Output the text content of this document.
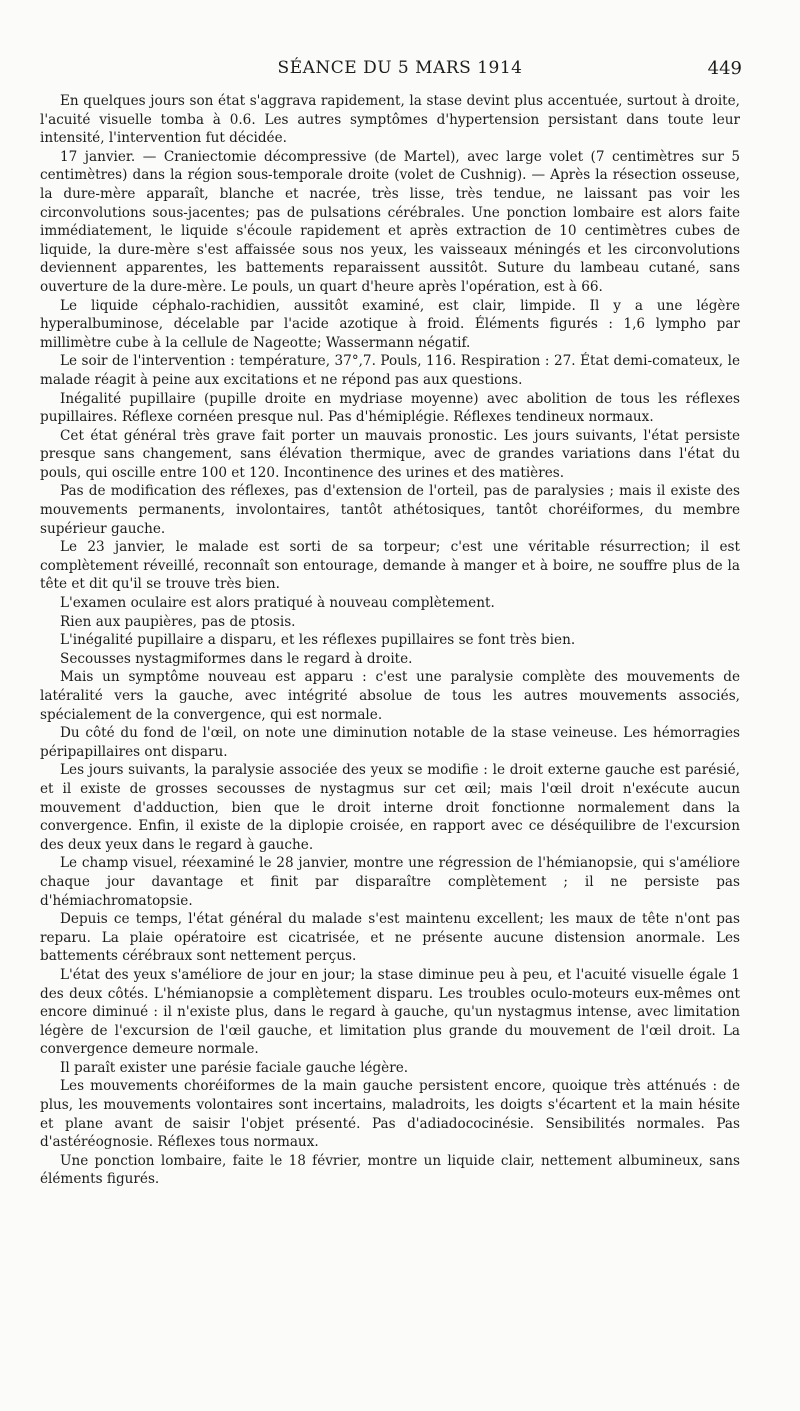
SÉANCE DU 5 MARS 1914	449

En quelques jours son état s'aggrava rapidement, la stase devint plus accentuée, surtout à droite, l'acuité visuelle tomba à 0.6. Les autres symptômes d'hypertension persistant dans toute leur intensité, l'intervention fut décidée.

17 janvier. — Craniectomie décompressive (de Martel), avec large volet (7 centimètres sur 5 centimètres) dans la région sous-temporale droite (volet de Cushnig). — Après la résection osseuse, la dure-mère apparaît, blanche et nacrée, très lisse, très tendue, ne laissant pas voir les circonvolutions sous-jacentes; pas de pulsations cérébrales. Une ponction lombaire est alors faite immédiatement, le liquide s'écoule rapidement et après extraction de 10 centimètres cubes de liquide, la dure-mère s'est affaissée sous nos yeux, les vaisseaux méningés et les circonvolutions deviennent apparentes, les battements reparaissent aussitôt. Suture du lambeau cutané, sans ouverture de la dure-mère. Le pouls, un quart d'heure après l'opération, est à 66.

Le liquide céphalo-rachidien, aussitôt examiné, est clair, limpide. Il y a une légère hyperalbuminose, décelable par l'acide azotique à froid. Éléments figurés : 1,6 lympho par millimètre cube à la cellule de Nageotte; Wassermann négatif.

Le soir de l'intervention : température, 37°,7. Pouls, 116. Respiration : 27. État demi-comateux, le malade réagit à peine aux excitations et ne répond pas aux questions.

Inégalité pupillaire (pupille droite en mydriase moyenne) avec abolition de tous les réflexes pupillaires. Réflexe cornéen presque nul. Pas d'hémiplégie. Réflexes tendineux normaux.

Cet état général très grave fait porter un mauvais pronostic. Les jours suivants, l'état persiste presque sans changement, sans élévation thermique, avec de grandes variations dans l'état du pouls, qui oscille entre 100 et 120. Incontinence des urines et des matières.

Pas de modification des réflexes, pas d'extension de l'orteil, pas de paralysies ; mais il existe des mouvements permanents, involontaires, tantôt athétosiques, tantôt choréiformes, du membre supérieur gauche.

Le 23 janvier, le malade est sorti de sa torpeur; c'est une véritable résurrection; il est complètement réveillé, reconnaît son entourage, demande à manger et à boire, ne souffre plus de la tête et dit qu'il se trouve très bien.

L'examen oculaire est alors pratiqué à nouveau complètement.

Rien aux paupières, pas de ptosis.

L'inégalité pupillaire a disparu, et les réflexes pupillaires se font très bien.

Secousses nystagmiformes dans le regard à droite.

Mais un symptôme nouveau est apparu : c'est une paralysie complète des mouvements de latéralité vers la gauche, avec intégrité absolue de tous les autres mouvements associés, spécialement de la convergence, qui est normale.

Du côté du fond de l'œil, on note une diminution notable de la stase veineuse. Les hémorragies péripapillaires ont disparu.

Les jours suivants, la paralysie associée des yeux se modifie : le droit externe gauche est parésié, et il existe de grosses secousses de nystagmus sur cet œil; mais l'œil droit n'exécute aucun mouvement d'adduction, bien que le droit interne droit fonctionne normalement dans la convergence. Enfin, il existe de la diplopie croisée, en rapport avec ce déséquilibre de l'excursion des deux yeux dans le regard à gauche.

Le champ visuel, réexaminé le 28 janvier, montre une régression de l'hémianopsie, qui s'améliore chaque jour davantage et finit par disparaître complètement ; il ne persiste pas d'hémiachromatopsie.

Depuis ce temps, l'état général du malade s'est maintenu excellent; les maux de tête n'ont pas reparu. La plaie opératoire est cicatrisée, et ne présente aucune distension anormale. Les battements cérébraux sont nettement perçus.

L'état des yeux s'améliore de jour en jour; la stase diminue peu à peu, et l'acuité visuelle égale 1 des deux côtés. L'hémianopsie a complètement disparu. Les troubles oculo-moteurs eux-mêmes ont encore diminué : il n'existe plus, dans le regard à gauche, qu'un nystagmus intense, avec limitation légère de l'excursion de l'œil gauche, et limitation plus grande du mouvement de l'œil droit. La convergence demeure normale.

Il paraît exister une parésie faciale gauche légère.

Les mouvements choréiformes de la main gauche persistent encore, quoique très atténués : de plus, les mouvements volontaires sont incertains, maladroits, les doigts s'écartent et la main hésite et plane avant de saisir l'objet présenté. Pas d'adiadococinésie. Sensibilités normales. Pas d'astéréognosie. Réflexes tous normaux.

Une ponction lombaire, faite le 18 février, montre un liquide clair, nettement albumineux, sans éléments figurés.
